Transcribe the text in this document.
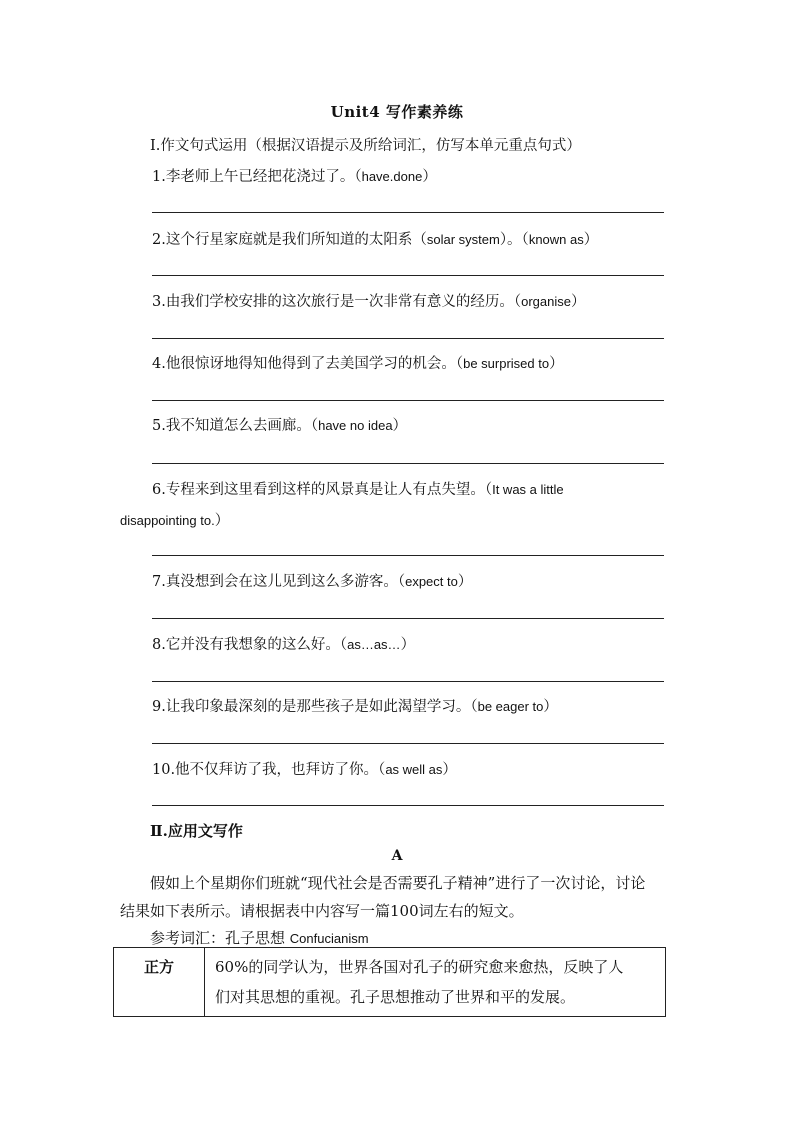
Unit4 写作素养练
Ⅰ.作文句式运用（根据汉语提示及所给词汇，仿写本单元重点句式）
1.李老师上午已经把花浇过了。（have.done）
2.这个行星家庭就是我们所知道的太阳系（solar system）。（known as）
3.由我们学校安排的这次旅行是一次非常有意义的经历。（organise）
4.他很惊讶地得知他得到了去美国学习的机会。（be surprised to）
5.我不知道怎么去画廊。（have no idea）
6.专程来到这里看到这样的风景真是让人有点失望。（It was a little
disappointing to.）
7.真没想到会在这儿见到这么多游客。（expect to）
8.它并没有我想象的这么好。（as…as…）
9.让我印象最深刻的是那些孩子是如此渴望学习。（be eager to）
10.他不仅拜访了我，也拜访了你。（as well as）
Ⅱ.应用文写作
A
假如上个星期你们班就“现代社会是否需要孔子精神”进行了一次讨论，讨论
结果如下表所示。请根据表中内容写一篇100词左右的短文。
参考词汇：孔子思想 Confucianism
正方	60%的同学认为，世界各国对孔子的研究愈来愈热，反映了人
们对其思想的重视。孔子思想推动了世界和平的发展。
